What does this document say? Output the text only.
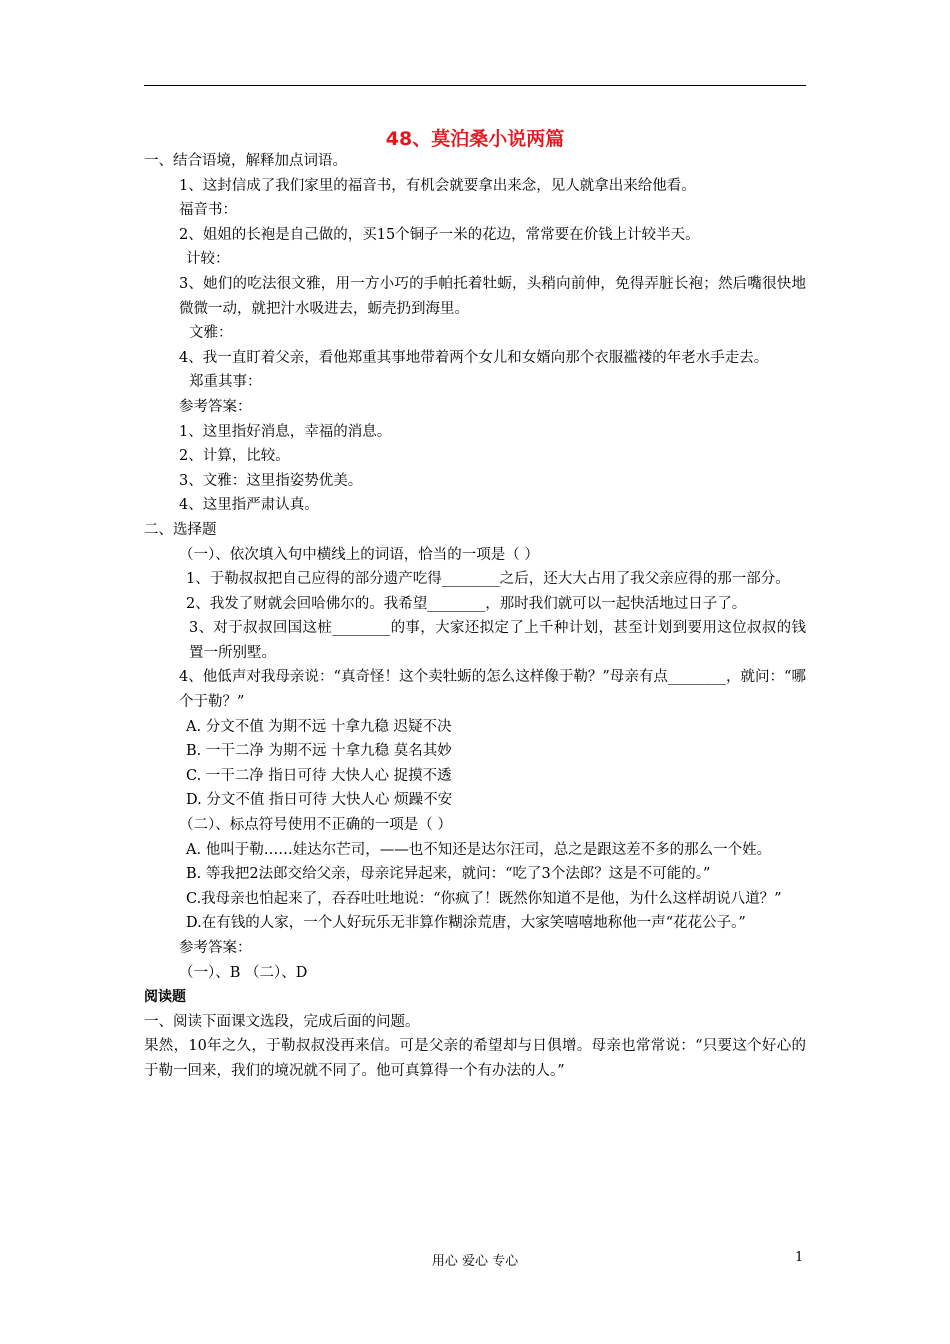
48、莫泊桑小说两篇

一、结合语境，解释加点词语。

1、这封信成了我们家里的福音书，有机会就要拿出来念，见人就拿出来给他看。

福音书：

2、姐姐的长袍是自己做的，买15个铜子一米的花边，常常要在价钱上计较半天。

计较：

3、她们的吃法很文雅，用一方小巧的手帕托着牡蛎，头稍向前伸，免得弄脏长袍；然后嘴很快地微微一动，就把汁水吸进去，蛎壳扔到海里。

文雅：

4、我一直盯着父亲，看他郑重其事地带着两个女儿和女婿向那个衣服褴褛的年老水手走去。

郑重其事：

参考答案：

1、这里指好消息，幸福的消息。

2、计算，比较。

3、文雅：这里指姿势优美。

4、这里指严肃认真。

二、选择题

（一）、依次填入句中横线上的词语，恰当的一项是（ ）

1、于勒叔叔把自己应得的部分遗产吃得________之后，还大大占用了我父亲应得的那一部分。

2、我发了财就会回哈佛尔的。我希望________，那时我们就可以一起快活地过日子了。

3、对于叔叔回国这桩________的事，大家还拟定了上千种计划，甚至计划到要用这位叔叔的钱置一所别墅。

4、他低声对我母亲说：“真奇怪！这个卖牡蛎的怎么这样像于勒？”母亲有点________，就问：“哪个于勒？”

A. 分文不值 为期不远 十拿九稳 迟疑不决

B. 一干二净 为期不远 十拿九稳 莫名其妙

C. 一干二净 指日可待 大快人心 捉摸不透

D. 分文不值 指日可待 大快人心 烦躁不安

（二）、标点符号使用不正确的一项是（ ）

A. 他叫于勒……娃达尔芒司，——也不知还是达尔汪司，总之是跟这差不多的那么一个姓。

B. 等我把2法郎交给父亲，母亲诧异起来，就问：“吃了3个法郎？这是不可能的。”

C.我母亲也怕起来了，吞吞吐吐地说：“你疯了！既然你知道不是他，为什么这样胡说八道？”

D.在有钱的人家，一个人好玩乐无非算作糊涂荒唐，大家笑嘻嘻地称他一声“花花公子。”

参考答案：

（一）、B （二）、D

阅读题

一、阅读下面课文选段，完成后面的问题。

果然，10年之久，于勒叔叔没再来信。可是父亲的希望却与日俱增。母亲也常常说：“只要这个好心的于勒一回来，我们的境况就不同了。他可真算得一个有办法的人。”

用心 爱心 专心	1
